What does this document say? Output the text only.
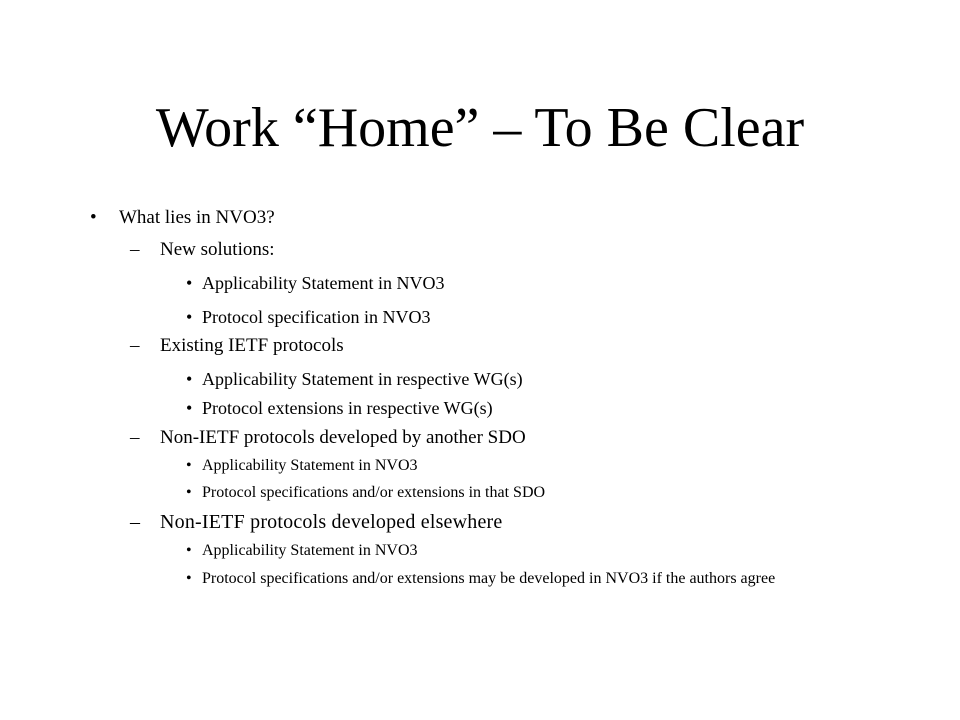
Work “Home” – To Be Clear
• What lies in NVO3?
– New solutions:
• Applicability Statement in NVO3
• Protocol specification in NVO3
– Existing IETF protocols
• Applicability Statement in respective WG(s)
• Protocol extensions in respective WG(s)
– Non-IETF protocols developed by another SDO
• Applicability Statement in NVO3
• Protocol specifications and/or extensions in that SDO
– Non-IETF protocols developed elsewhere
• Applicability Statement in NVO3
• Protocol specifications and/or extensions may be developed in NVO3 if the authors agree
